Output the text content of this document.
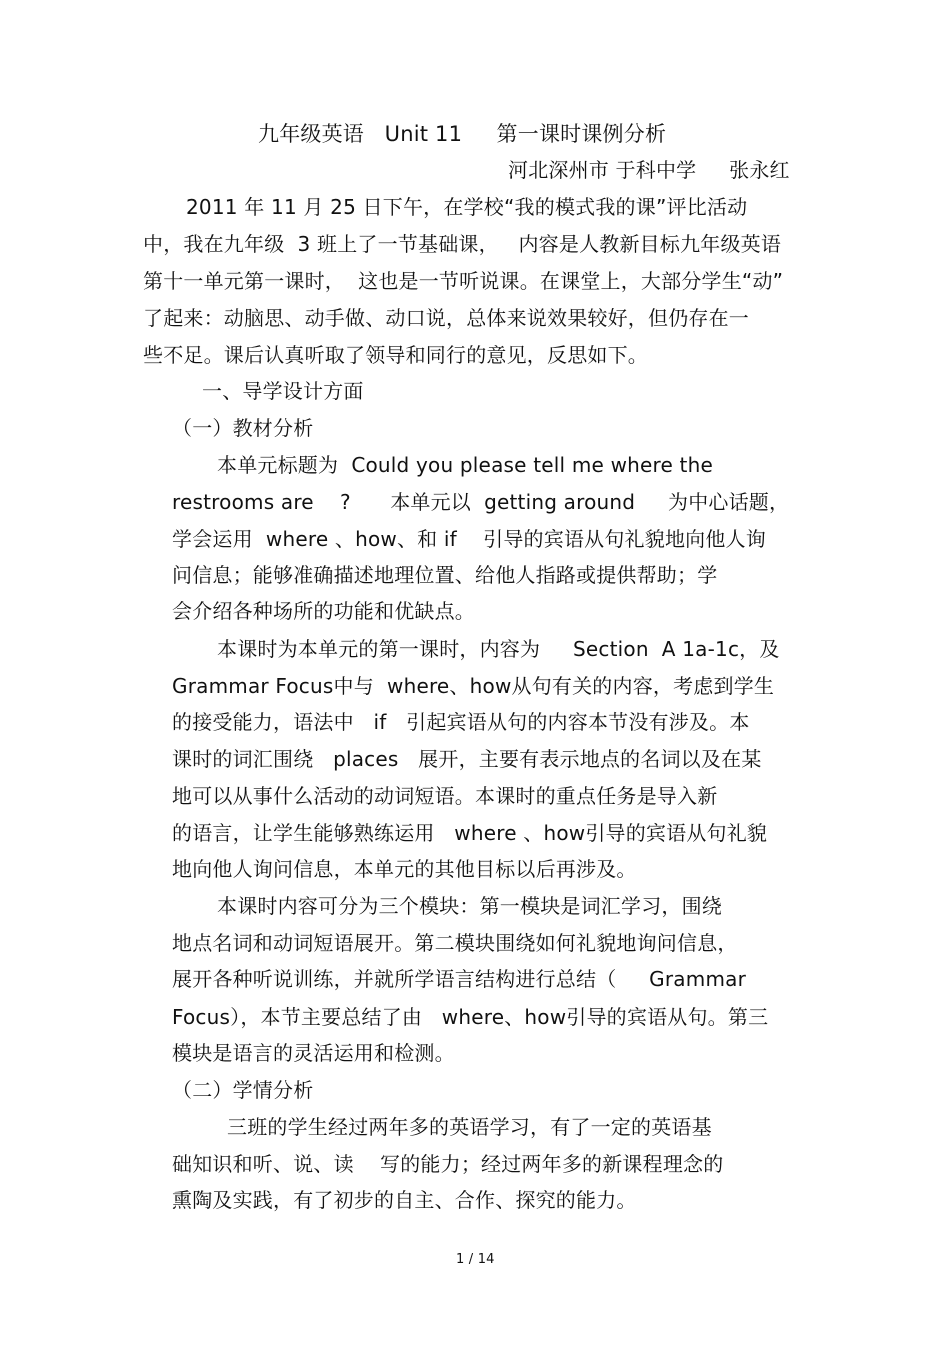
九年级英语   Unit 11     第一课时课例分析
河北深州市 于科中学     张永红
2011 年 11 月 25 日下午，在学校“我的模式我的课”评比活动
中，我在九年级  3 班上了一节基础课，   内容是人教新目标九年级英语
第十一单元第一课时，  这也是一节听说课。在课堂上，大部分学生“动”
了起来：动脑思、动手做、动口说，总体来说效果较好，但仍存在一
些不足。课后认真听取了领导和同行的意见，反思如下。
一、导学设计方面
（一）教材分析
本单元标题为  Could you please tell me where the
restrooms are    ?      本单元以  getting around     为中心话题，
学会运用  where 、how、和 if    引导的宾语从句礼貌地向他人询
问信息；能够准确描述地理位置、给他人指路或提供帮助；学
会介绍各种场所的功能和优缺点。
本课时为本单元的第一课时，内容为     Section  A 1a-1c，及
Grammar Focus中与  where、how从句有关的内容，考虑到学生
的接受能力，语法中   if   引起宾语从句的内容本节没有涉及。本
课时的词汇围绕   places   展开，主要有表示地点的名词以及在某
地可以从事什么活动的动词短语。本课时的重点任务是导入新
的语言，让学生能够熟练运用   where 、how引导的宾语从句礼貌
地向他人询问信息，本单元的其他目标以后再涉及。
本课时内容可分为三个模块：第一模块是词汇学习，围绕
地点名词和动词短语展开。第二模块围绕如何礼貌地询问信息，
展开各种听说训练，并就所学语言结构进行总结（     Grammar
Focus），本节主要总结了由   where、how引导的宾语从句。第三
模块是语言的灵活运用和检测。
（二）学情分析
三班的学生经过两年多的英语学习，有了一定的英语基
础知识和听、说、读    写的能力；经过两年多的新课程理念的
熏陶及实践，有了初步的自主、合作、探究的能力。
1 / 14
